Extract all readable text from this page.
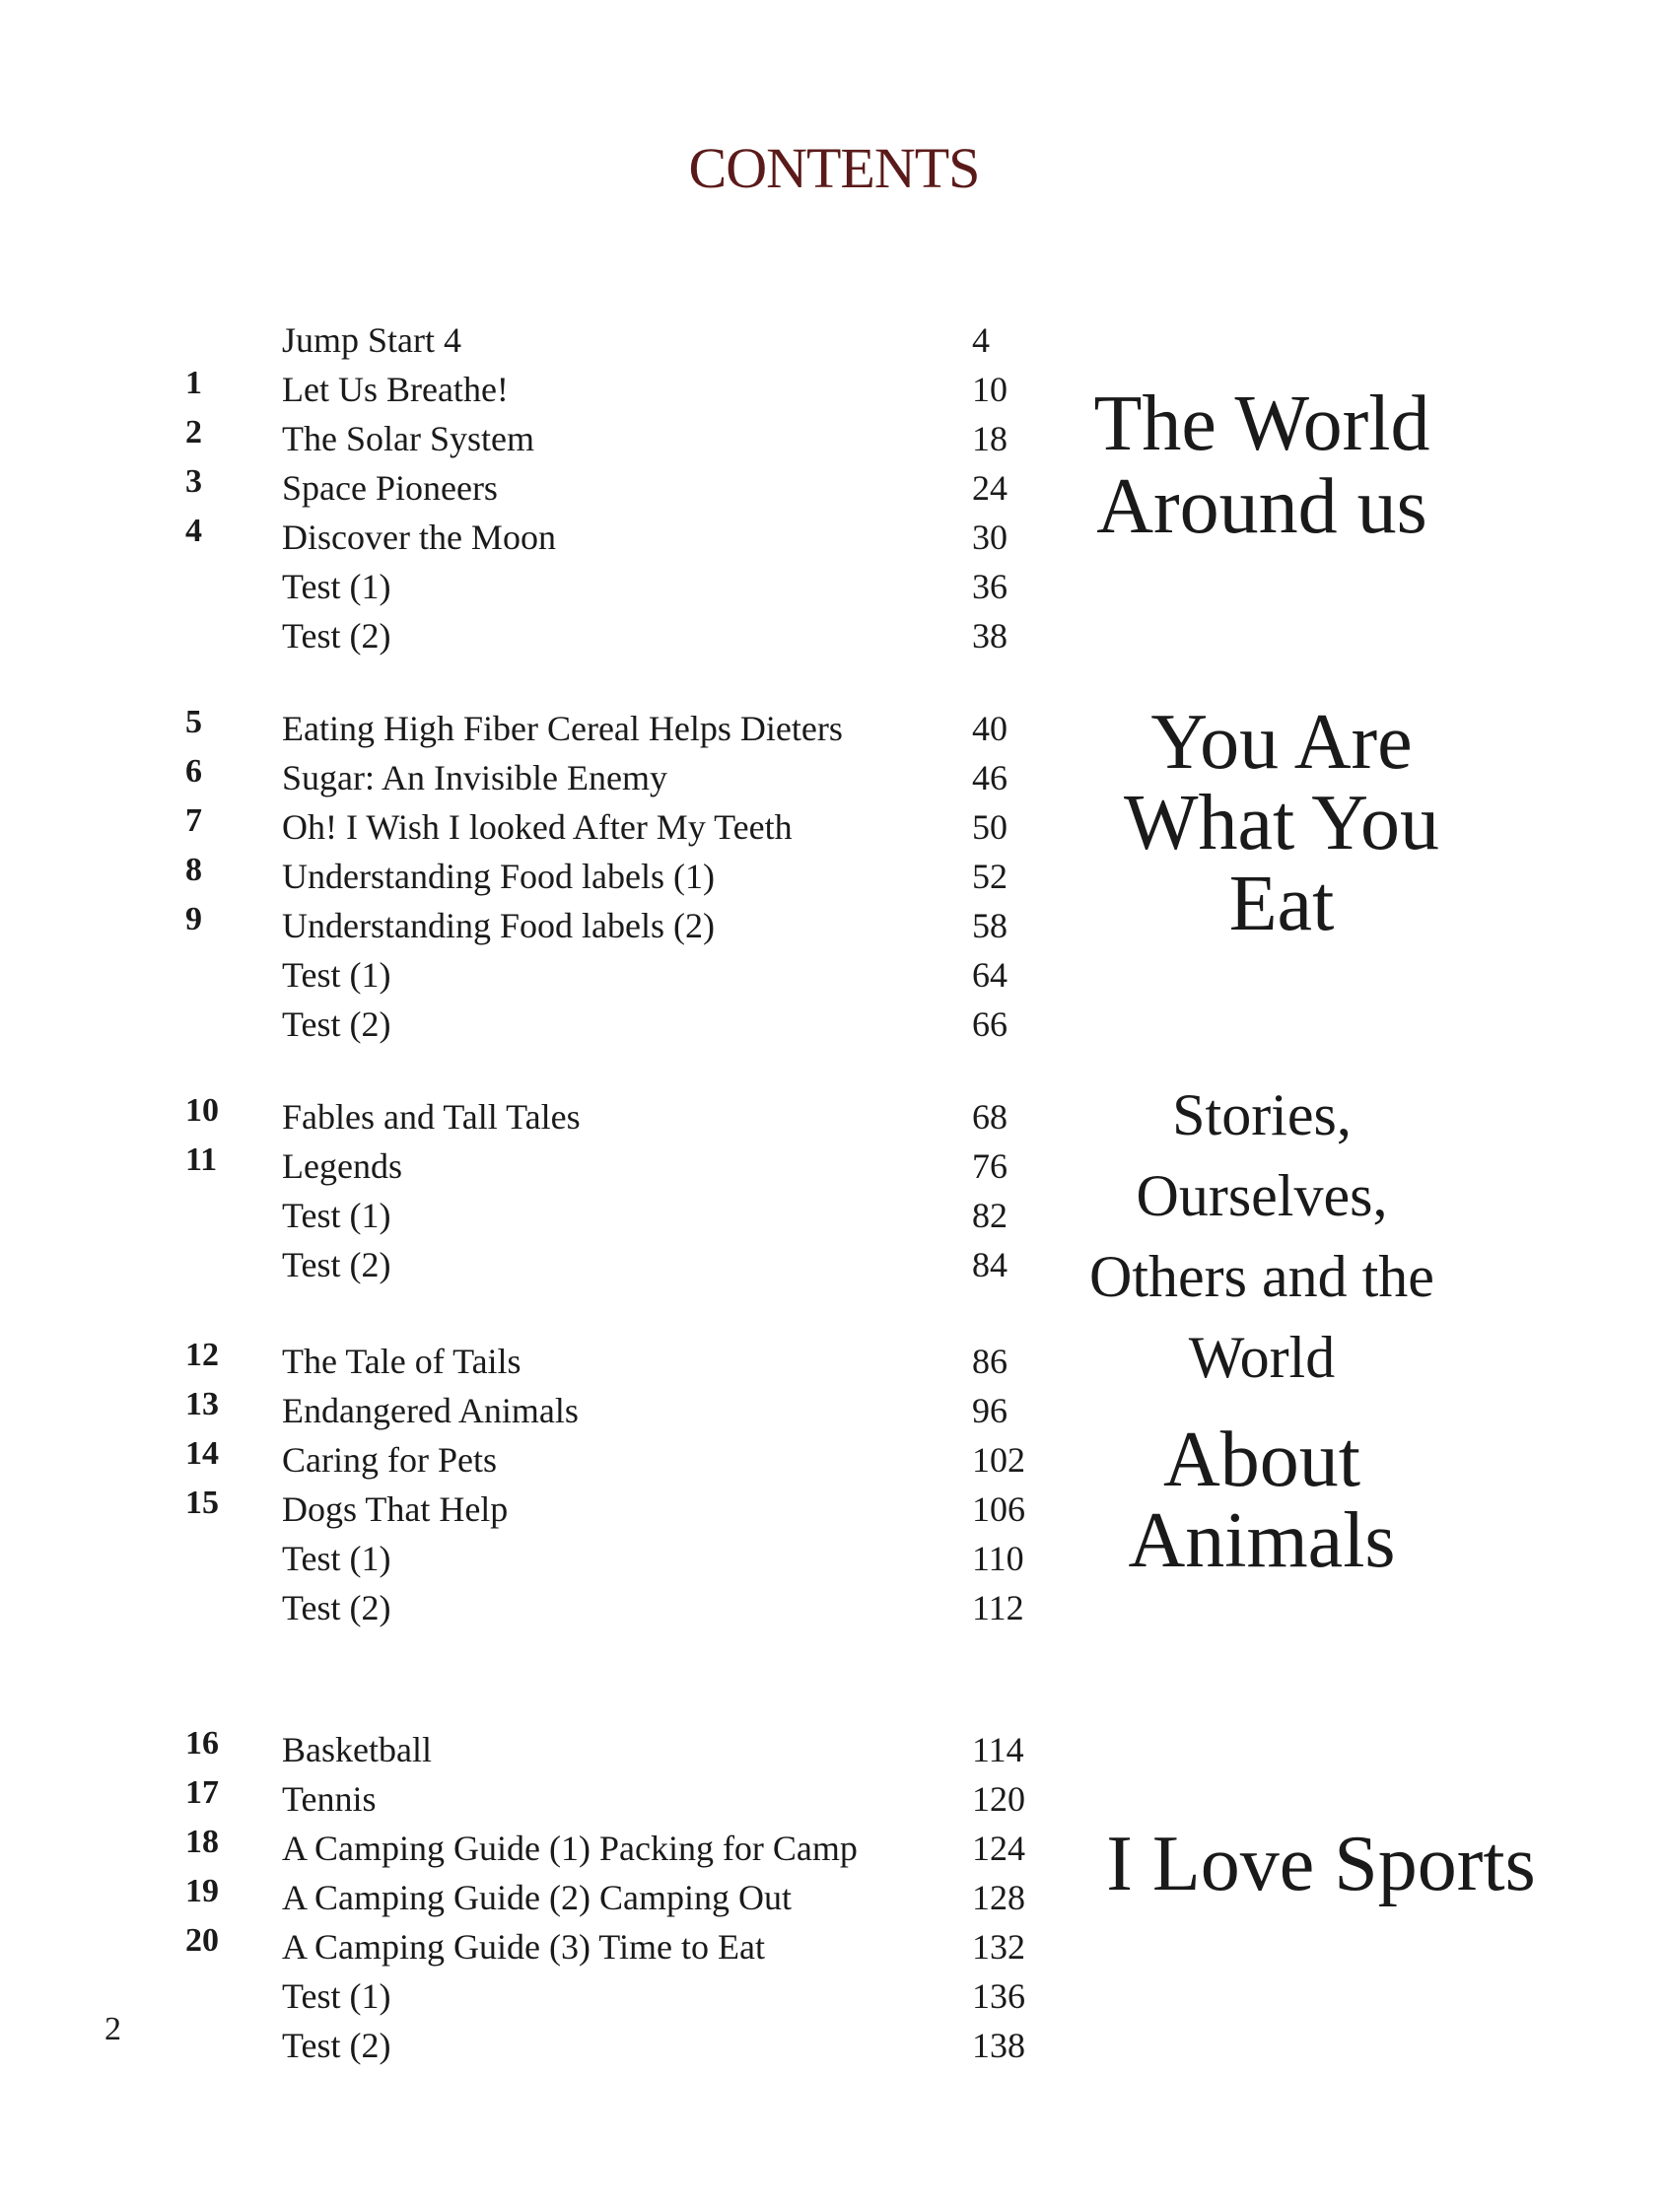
CONTENTS
Jump Start 4	4
1 Let Us Breathe!	10
2 The Solar System	18
3 Space Pioneers	24
4 Discover the Moon	30
Test (1)	36
Test (2)	38
5 Eating High Fiber Cereal Helps Dieters	40
6 Sugar: An Invisible Enemy	46
7 Oh! I Wish I looked After My Teeth	50
8 Understanding Food labels (1)	52
9 Understanding Food labels (2)	58
Test (1)	64
Test (2)	66
10 Fables and Tall Tales	68
11 Legends	76
Test (1)	82
Test (2)	84
12 The Tale of Tails	86
13 Endangered Animals	96
14 Caring for Pets	102
15 Dogs That Help	106
Test (1)	110
Test (2)	112
16 Basketball	114
17 Tennis	120
18 A Camping Guide (1) Packing for Camp	124
19 A Camping Guide (2) Camping Out	128
20 A Camping Guide (3) Time to Eat	132
Test (1)	136
Test (2)	138
The World
Around us
You Are
What You
Eat
Stories,
Ourselves,
Others and the
World
About
Animals
I Love Sports
2
